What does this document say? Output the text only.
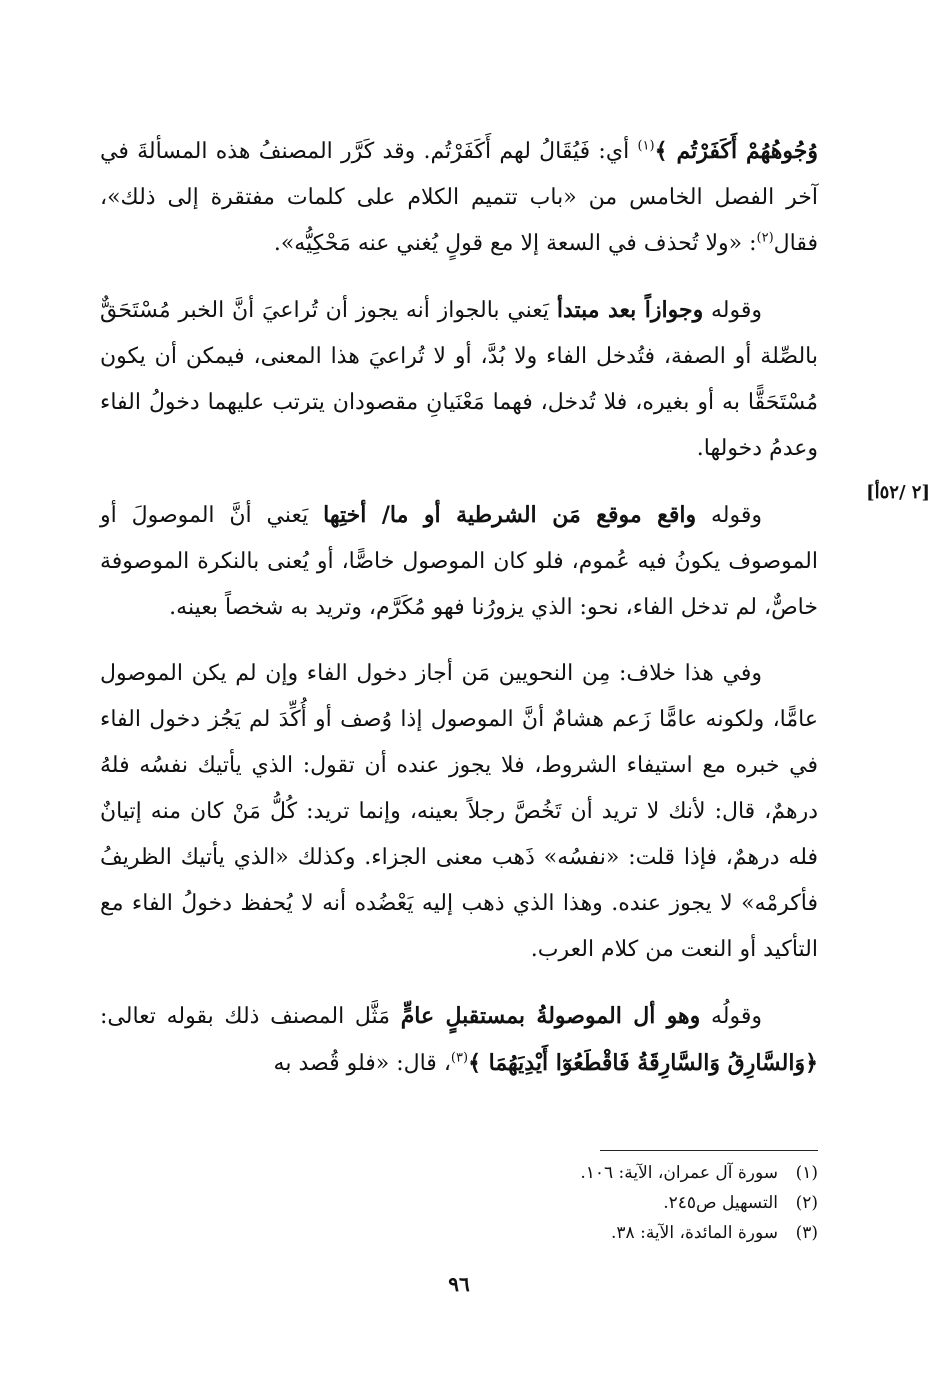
[٢ /٥٢أ]

وُجُوهُهُمْ أَكَفَرْتُم ﴾$^{(١)}$ أي: فَيُقَالُ لهم أَكَفَرْتُم. وقد كَرَّر المصنفُ هذه المسألةَ في آخر الفصل الخامس من «باب تتميم الكلام على كلمات مفتقرة إلى ذلك»، فقال$^{(٢)}$: «ولا تُحذف في السعة إلا مع قولٍ يُغني عنه مَحْكِيُّه».

وقوله وجوازاً بعد مبتدأ يَعني بالجواز أنه يجوز أن تُراعيَ أنَّ الخبر مُسْتَحَقٌّ بالصِّلة أو الصفة، فتُدخل الفاء ولا بُدَّ، أو لا تُراعيَ هذا المعنى، فيمكن أن يكون مُسْتَحَقًّا به أو بغيره، فلا تُدخل، فهما مَعْنَيانِ مقصودان يترتب عليهما دخولُ الفاء وعدمُ دخولها.

وقوله واقع موقع مَن الشرطية أو ما/ أختِها يَعني أنَّ الموصولَ أو الموصوف يكونُ فيه عُموم، فلو كان الموصول خاصًّا، أو يُعنى بالنكرة الموصوفة خاصٌّ، لم تدخل الفاء، نحو: الذي يزورُنا فهو مُكَرَّم، وتريد به شخصاً بعينه.

وفي هذا خلاف: مِن النحويين مَن أجاز دخول الفاء وإن لم يكن الموصول عامًّا، ولكونه عامًّا زَعم هشامٌ أنَّ الموصول إذا وُصف أو أُكِّدَ لم يَجُز دخول الفاء في خبره مع استيفاء الشروط، فلا يجوز عنده أن تقول: الذي يأتيك نفسُه فلهُ درهمٌ، قال: لأنك لا تريد أن تَخُصَّ رجلاً بعينه، وإنما تريد: كُلُّ مَنْ كان منه إتيانٌ فله درهمٌ، فإذا قلت: «نفسُه» ذَهب معنى الجزاء. وكذلك «الذي يأتيك الظريفُ فأكرمْه» لا يجوز عنده. وهذا الذي ذهب إليه يَعْضُده أنه لا يُحفظ دخولُ الفاء مع التأكيد أو النعت من كلام العرب.

وقولُه وهو أل الموصولةُ بمستقبلٍ عامٍّ مَثَّل المصنف ذلك بقوله تعالى: ﴿وَالسَّارِقُ وَالسَّارِقَةُ فَاقْطَعُوٓا أَيْدِيَهُمَا ﴾$^{(٣)}$، قال: «فلو قُصد به

(١)سورة آل عمران، الآية: ١٠٦.

(٢)التسهيل ص٢٤٥.

(٣)سورة المائدة، الآية: ٣٨.

٩٦
